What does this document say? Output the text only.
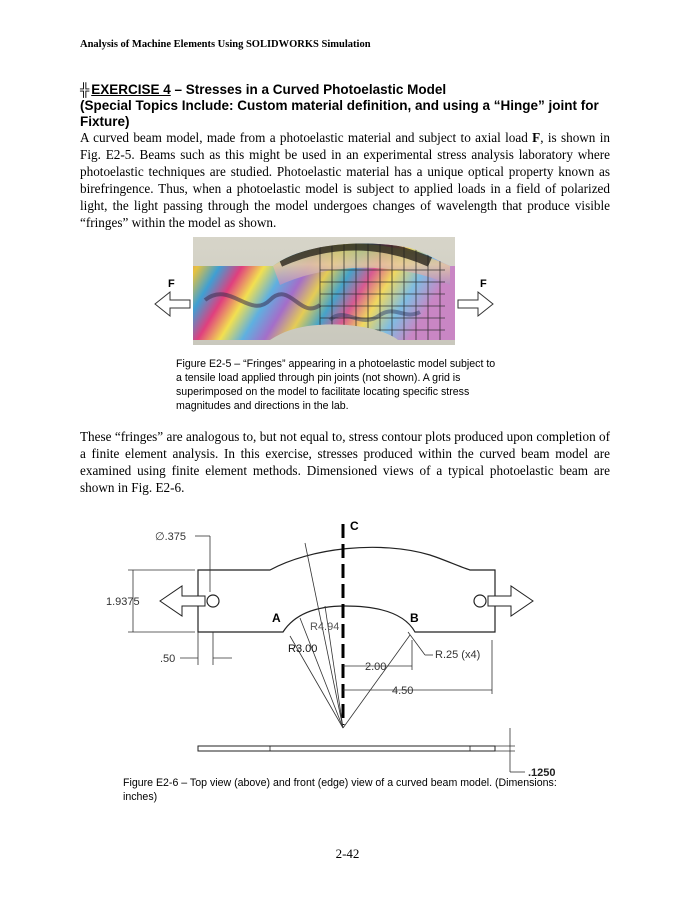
Analysis of Machine Elements Using SOLIDWORKS Simulation
╬ EXERCISE 4 – Stresses in a Curved Photoelastic Model
(Special Topics Include: Custom material definition, and using a “Hinge” joint for Fixture)

A curved beam model, made from a photoelastic material and subject to axial load F, is shown in Fig. E2-5. Beams such as this might be used in an experimental stress analysis laboratory where photoelastic techniques are studied. Photoelastic material has a unique optical property known as birefringence. Thus, when a photoelastic model is subject to applied loads in a field of polarized light, the light passing through the model undergoes changes of wavelength that produce visible “fringes” within the model as shown.

F	F
C
∅.375
1.9375
.50
R4.94
R3.00
2.00
4.50
R.25 (x4)
A	B
.1250
Figure E2-5 – “Fringes” appearing in a photoelastic model subject to a tensile load applied through pin joints (not shown). A grid is superimposed on the model to facilitate locating specific stress magnitudes and directions in the lab.

These “fringes” are analogous to, but not equal to, stress contour plots produced upon completion of a finite element analysis. In this exercise, stresses produced within the curved beam model are examined using finite element methods. Dimensioned views of a typical photoelastic beam are shown in Fig. E2-6.

Figure E2-6 – Top view (above) and front (edge) view of a curved beam model. (Dimensions: inches)
2-42
